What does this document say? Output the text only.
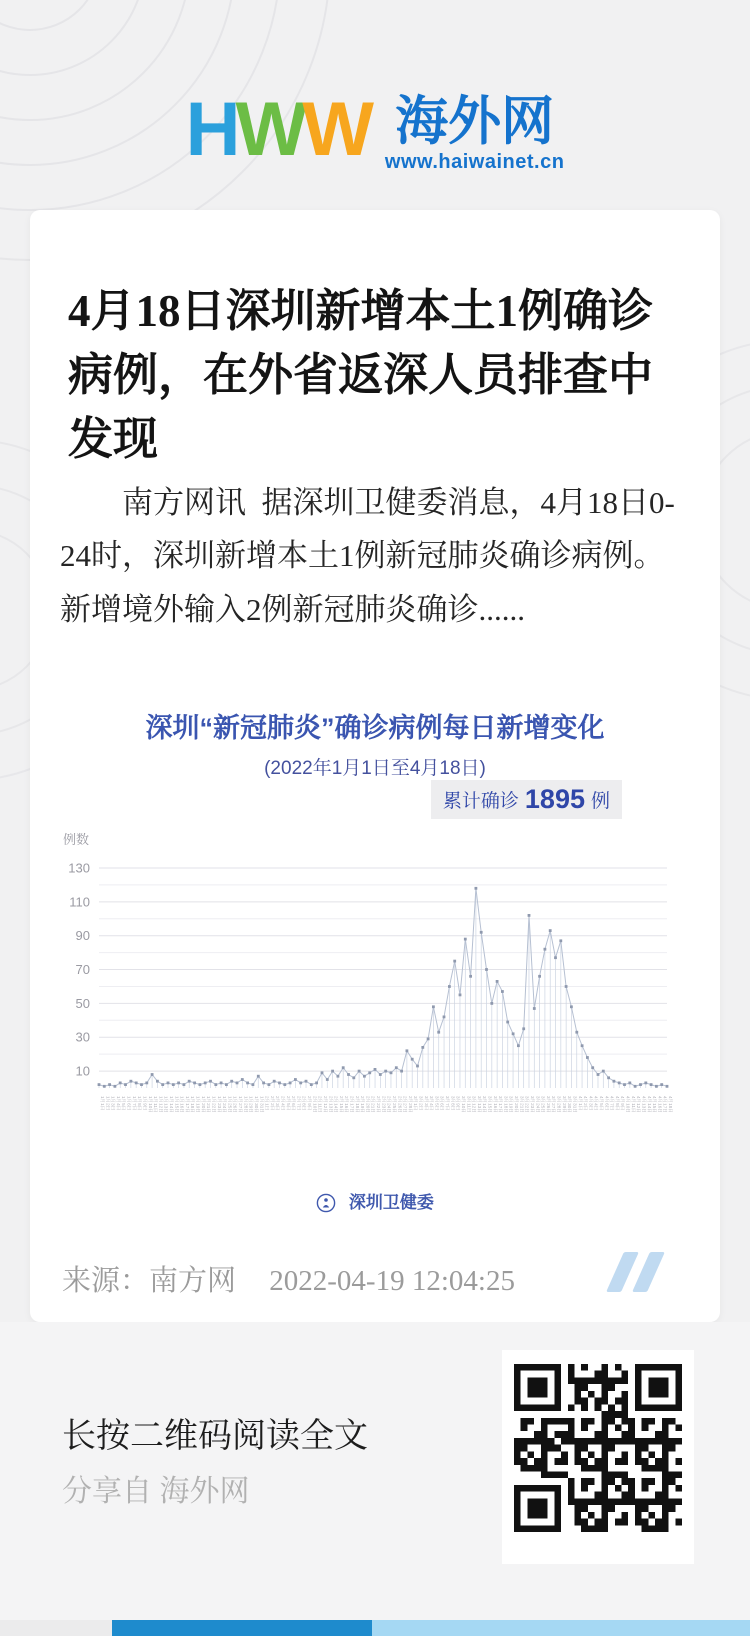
HWW 海外网
www.haiwainet.cn
4月18日深圳新增本土1例确诊病例，在外省返深人员排查中发现

　　南方网讯  据深圳卫健委消息，4月18日0-24时，深圳新增本土1例新冠肺炎确诊病例。　　　新增境外输入2例新冠肺炎确诊......

深圳“新冠肺炎”确诊病例每日新增变化
(2022年1月1日至4月18日)
累计确诊 1895 例
10
30
50
70
90
110
130
例数
1月1日 1月2日 1月3日 1月4日 1月5日 1月6日 1月7日 1月8日 1月9日 1月10日 1月11日 1月12日 1月13日 1月14日 1月15日 1月16日 1月17日 1月18日 1月19日 1月20日 1月21日 1月22日 1月23日 1月24日 1月25日 1月26日 1月27日 1月28日 1月29日 1月30日 1月31日 2月1日 2月2日 2月3日 2月4日 2月5日 2月6日 2月7日 2月8日 2月9日 2月10日 2月11日 2月12日 2月13日 2月14日 2月15日 2月16日 2月17日 2月18日 2月19日 2月20日 2月21日 2月22日 2月23日 2月24日 2月25日 2月26日 2月27日 2月28日 3月1日 3月2日 3月3日 3月4日 3月5日 3月6日 3月7日 3月8日 3月9日 3月10日 3月11日 3月12日 3月13日 3月14日 3月15日 3月16日 3月17日 3月18日 3月19日 3月20日 3月21日 3月22日 3月23日 3月24日 3月25日 3月26日 3月27日 3月28日 3月29日 3月30日 3月31日 4月1日 4月2日 4月3日 4月4日 4月5日 4月6日 4月7日 4月8日 4月9日 4月10日 4月11日 4月12日 4月13日 4月14日 4月15日 4月16日 4月17日 4月18日
深圳卫健委
来源：南方网 2022-04-19 12:04:25
长按二维码阅读全文
分享自 海外网
